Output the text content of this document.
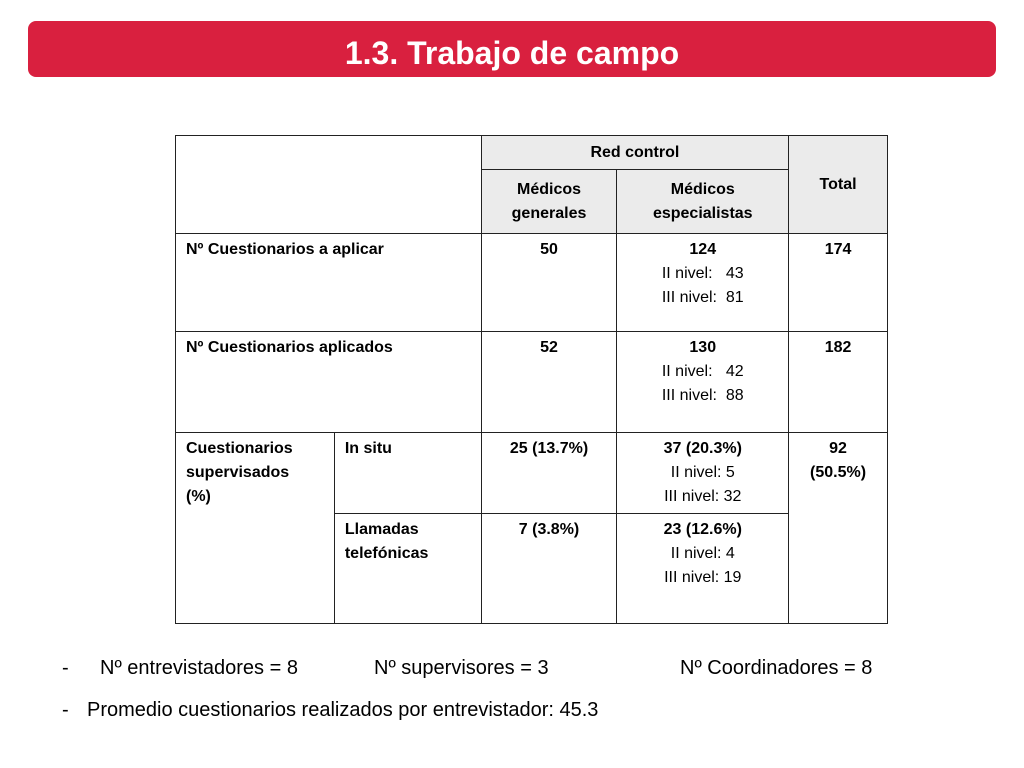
1.3. Trabajo de campo
		Red control		Total

		Médicos
generales	Médicos
especialistas	

Nº Cuestionarios a aplicar		50	124
II nivel:   43
III nivel:  81	174
Nº Cuestionarios aplicados		52	130
II nivel:   42
III nivel:  88	182

Cuestionarios
supervisados
(%)	In situ	25 (13.7%)	37 (20.3%)
II nivel: 5
III nivel: 32	92
(50.5%)

	Llamadas
telefónicas	7 (3.8%)	23 (12.6%)
II nivel: 4
III nivel: 19	
- Nº entrevistadores = 8	Nº supervisores = 3	Nº Coordinadores = 8
- Promedio cuestionarios realizados por entrevistador: 45.3
